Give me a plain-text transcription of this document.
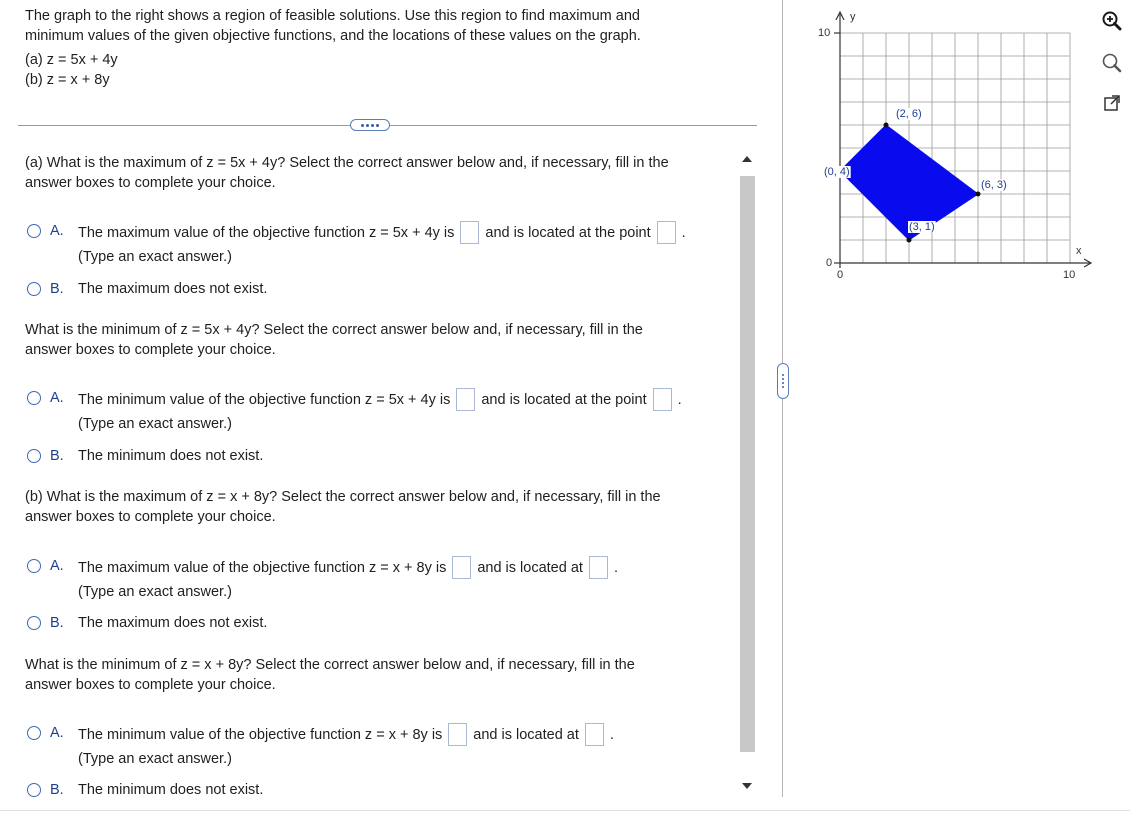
The graph to the right shows a region of feasible solutions. Use this region to find maximum and
minimum values of the given objective functions, and the locations of these values on the graph.
(a) z = 5x + 4y
(b) z = x + 8y
(a) What is the maximum of z = 5x + 4y? Select the correct answer below and, if necessary, fill in the
answer boxes to complete your choice.
A. The maximum value of the objective function z = 5x + 4y is and is located at the point .
(Type an exact answer.)
B. The maximum does not exist.
What is the minimum of z = 5x + 4y? Select the correct answer below and, if necessary, fill in the
answer boxes to complete your choice.
A. The minimum value of the objective function z = 5x + 4y is and is located at the point .
(Type an exact answer.)
B. The minimum does not exist.
(b) What is the maximum of z = x + 8y? Select the correct answer below and, if necessary, fill in the
answer boxes to complete your choice.
A. The maximum value of the objective function z = x + 8y is and is located at .
(Type an exact answer.)
B. The maximum does not exist.
What is the minimum of z = x + 8y? Select the correct answer below and, if necessary, fill in the
answer boxes to complete your choice.
A. The minimum value of the objective function z = x + 8y is and is located at .
(Type an exact answer.)
B. The minimum does not exist.
10
y
0
0	10
x
(2, 6)
(6, 3)
(3, 1)
(0, 4)
